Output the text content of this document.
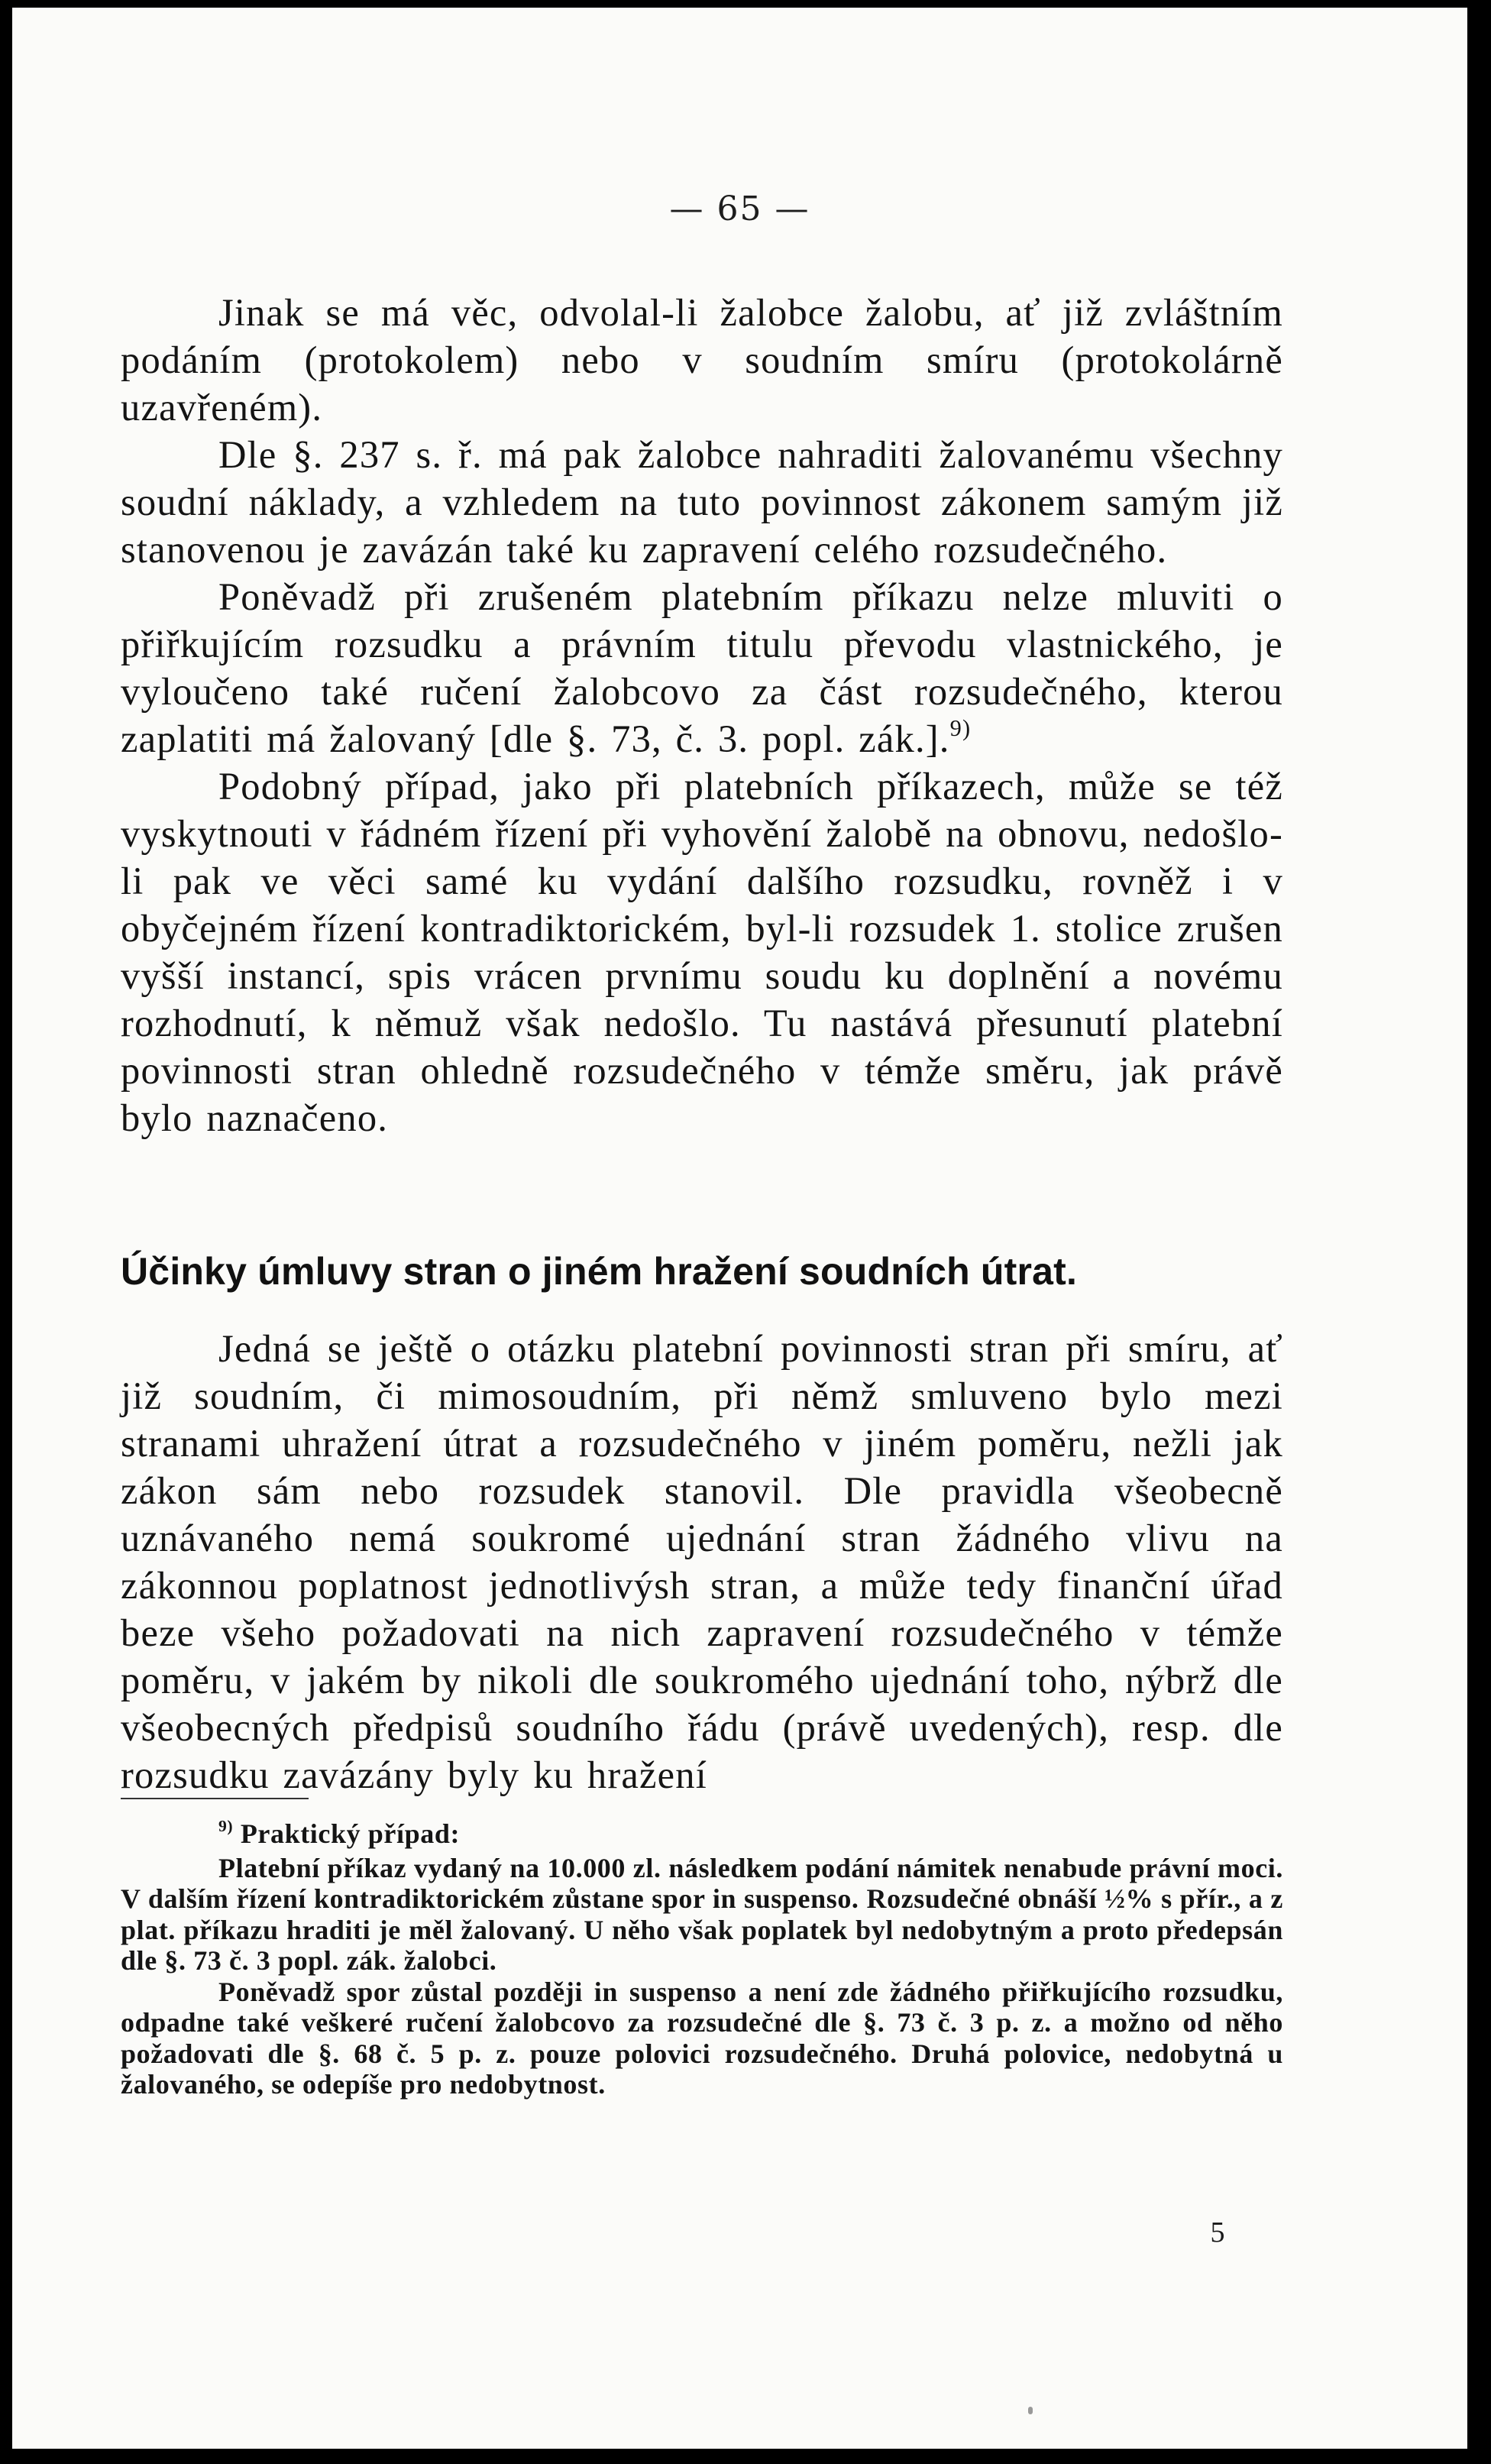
— 65 —

Jinak se má věc, odvolal-li žalobce žalobu, ať již zvláštním podáním (protokolem) nebo v soudním smíru (protokolárně uzavřeném).

Dle §. 237 s. ř. má pak žalobce nahraditi žalovanému všechny soudní náklady, a vzhledem na tuto povinnost zákonem samým již stanovenou je zavázán také ku zapravení celého rozsudečného.

Poněvadž při zrušeném platebním příkazu nelze mluviti o přiřkujícím rozsudku a právním titulu převodu vlastnického, je vyloučeno také ručení žalobcovo za část rozsudečného, kterou zaplatiti má žalovaný [dle §. 73, č. 3. popl. zák.].$^{9)}$

Podobný případ, jako při platebních příkazech, může se též vyskytnouti v řádném řízení při vyhovění žalobě na obnovu, nedošlo-li pak ve věci samé ku vydání dalšího rozsudku, rovněž i v obyčejném řízení kontradiktorickém, byl-li rozsudek 1. stolice zrušen vyšší instancí, spis vrácen prvnímu soudu ku doplnění a novému rozhodnutí, k němuž však nedošlo. Tu nastává přesunutí platební povinnosti stran ohledně rozsudečného v témže směru, jak právě bylo naznačeno.

Účinky úmluvy stran o jiném hražení soudních útrat.

Jedná se ještě o otázku platební povinnosti stran při smíru, ať již soudním, či mimosoudním, při němž smluveno bylo mezi stranami uhražení útrat a rozsudečného v jiném poměru, nežli jak zákon sám nebo rozsudek stanovil. Dle pravidla všeobecně uznávaného nemá soukromé ujednání stran žádného vlivu na zákonnou poplatnost jednotlivýsh stran, a může tedy finanční úřad beze všeho požadovati na nich zapravení rozsudečného v témže poměru, v jakém by nikoli dle soukromého ujednání toho, nýbrž dle všeobecných předpisů soudního řádu (právě uvedených), resp. dle rozsudku zavázány byly ku hražení

$^{9)}$ Praktický případ:

Platební příkaz vydaný na 10.000 zl. následkem podání námitek nenabude právní moci. V dalším řízení kontradiktorickém zůstane spor in suspenso. Rozsudečné obnáší ½% s přír., a z plat. příkazu hraditi je měl žalovaný. U něho však poplatek byl nedobytným a proto předepsán dle §. 73 č. 3 popl. zák. žalobci.

Poněvadž spor zůstal později in suspenso a není zde žádného přiřkujícího rozsudku, odpadne také veškeré ručení žalobcovo za rozsudečné dle §. 73 č. 3 p. z. a možno od něho požadovati dle §. 68 č. 5 p. z. pouze polovici rozsudečného. Druhá polovice, nedobytná u žalovaného, se odepíše pro nedobytnost.

5
